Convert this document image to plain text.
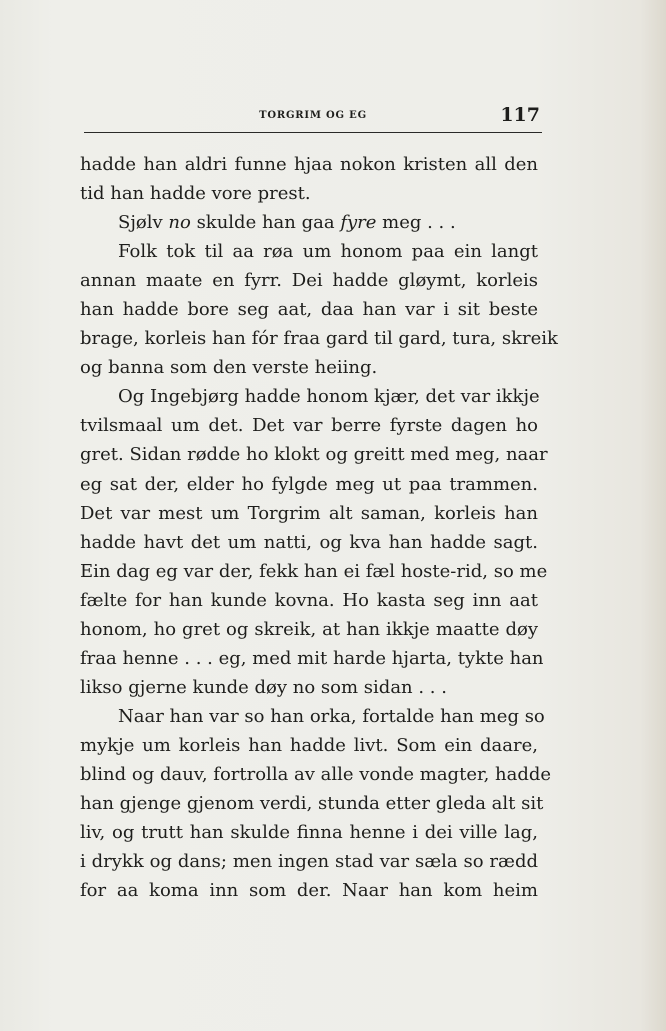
TORGRIM OG EG	117
hadde han aldri funne hjaa nokon kristen all den
tid han hadde vore prest.
Sjølv no skulde han gaa fyre meg . . .
Folk tok til aa røa um honom paa ein langt
annan maate en fyrr. Dei hadde gløymt, korleis
han hadde bore seg aat, daa han var i sit beste
brage, korleis han fór fraa gard til gard, tura, skreik
og banna som den verste heiing.
Og Ingebjørg hadde honom kjær, det var ikkje
tvilsmaal um det. Det var berre fyrste dagen ho
gret. Sidan rødde ho klokt og greitt med meg, naar
eg sat der, elder ho fylgde meg ut paa trammen.
Det var mest um Torgrim alt saman, korleis han
hadde havt det um natti, og kva han hadde sagt.
Ein dag eg var der, fekk han ei fæl hoste-rid, so me
fælte for han kunde kovna. Ho kasta seg inn aat
honom, ho gret og skreik, at han ikkje maatte døy
fraa henne . . . eg, med mit harde hjarta, tykte han
likso gjerne kunde døy no som sidan . . .
Naar han var so han orka, fortalde han meg so
mykje um korleis han hadde livt. Som ein daare,
blind og dauv, fortrolla av alle vonde magter, hadde
han gjenge gjenom verdi, stunda etter gleda alt sit
liv, og trutt han skulde finna henne i dei ville lag,
i drykk og dans; men ingen stad var sæla so rædd
for aa koma inn som der. Naar han kom heim
